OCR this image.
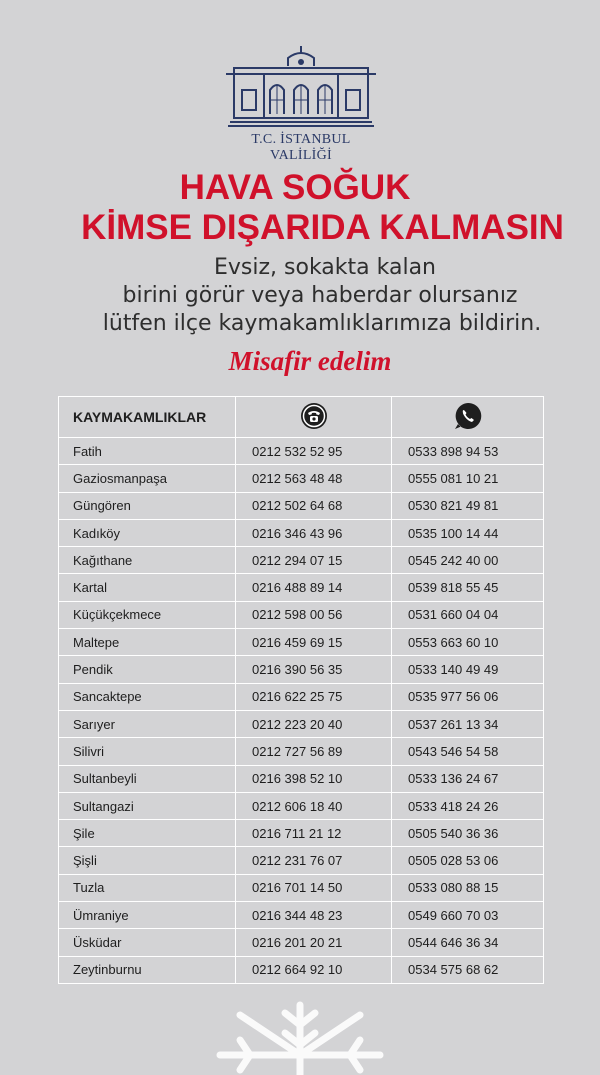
T.C. İSTANBUL VALİLİĞİ
HAVA SOĞUK
KİMSE DIŞARIDA KALMASIN
Evsiz, sokakta kalan
birini görür veya haberdar olursanız
lütfen ilçe kaymakamlıklarımıza bildirin.
Misafir edelim
KAYMAKAMLIKLAR		
Fatih	0212 532 52 95	0533 898 94 53
Gaziosmanpaşa	0212 563 48 48	0555 081 10 21
Güngören	0212 502 64 68	0530 821 49 81
Kadıköy	0216 346 43 96	0535 100 14 44
Kağıthane	0212 294 07 15	0545 242 40 00
Kartal	0216 488 89 14	0539 818 55 45
Küçükçekmece	0212 598 00 56	0531 660 04 04
Maltepe	0216 459 69 15	0553 663 60 10
Pendik	0216 390 56 35	0533 140 49 49
Sancaktepe	0216 622 25 75	0535 977 56 06
Sarıyer	0212 223 20 40	0537 261 13 34
Silivri	0212 727 56 89	0543 546 54 58
Sultanbeyli	0216 398 52 10	0533 136 24 67
Sultangazi	0212 606 18 40	0533 418 24 26
Şile	0216 711 21 12	0505 540 36 36
Şişli	0212 231 76 07	0505 028 53 06
Tuzla	0216 701 14 50	0533 080 88 15
Ümraniye	0216 344 48 23	0549 660 70 03
Üsküdar	0216 201 20 21	0544 646 36 34
Zeytinburnu	0212 664 92 10	0534 575 68 62
